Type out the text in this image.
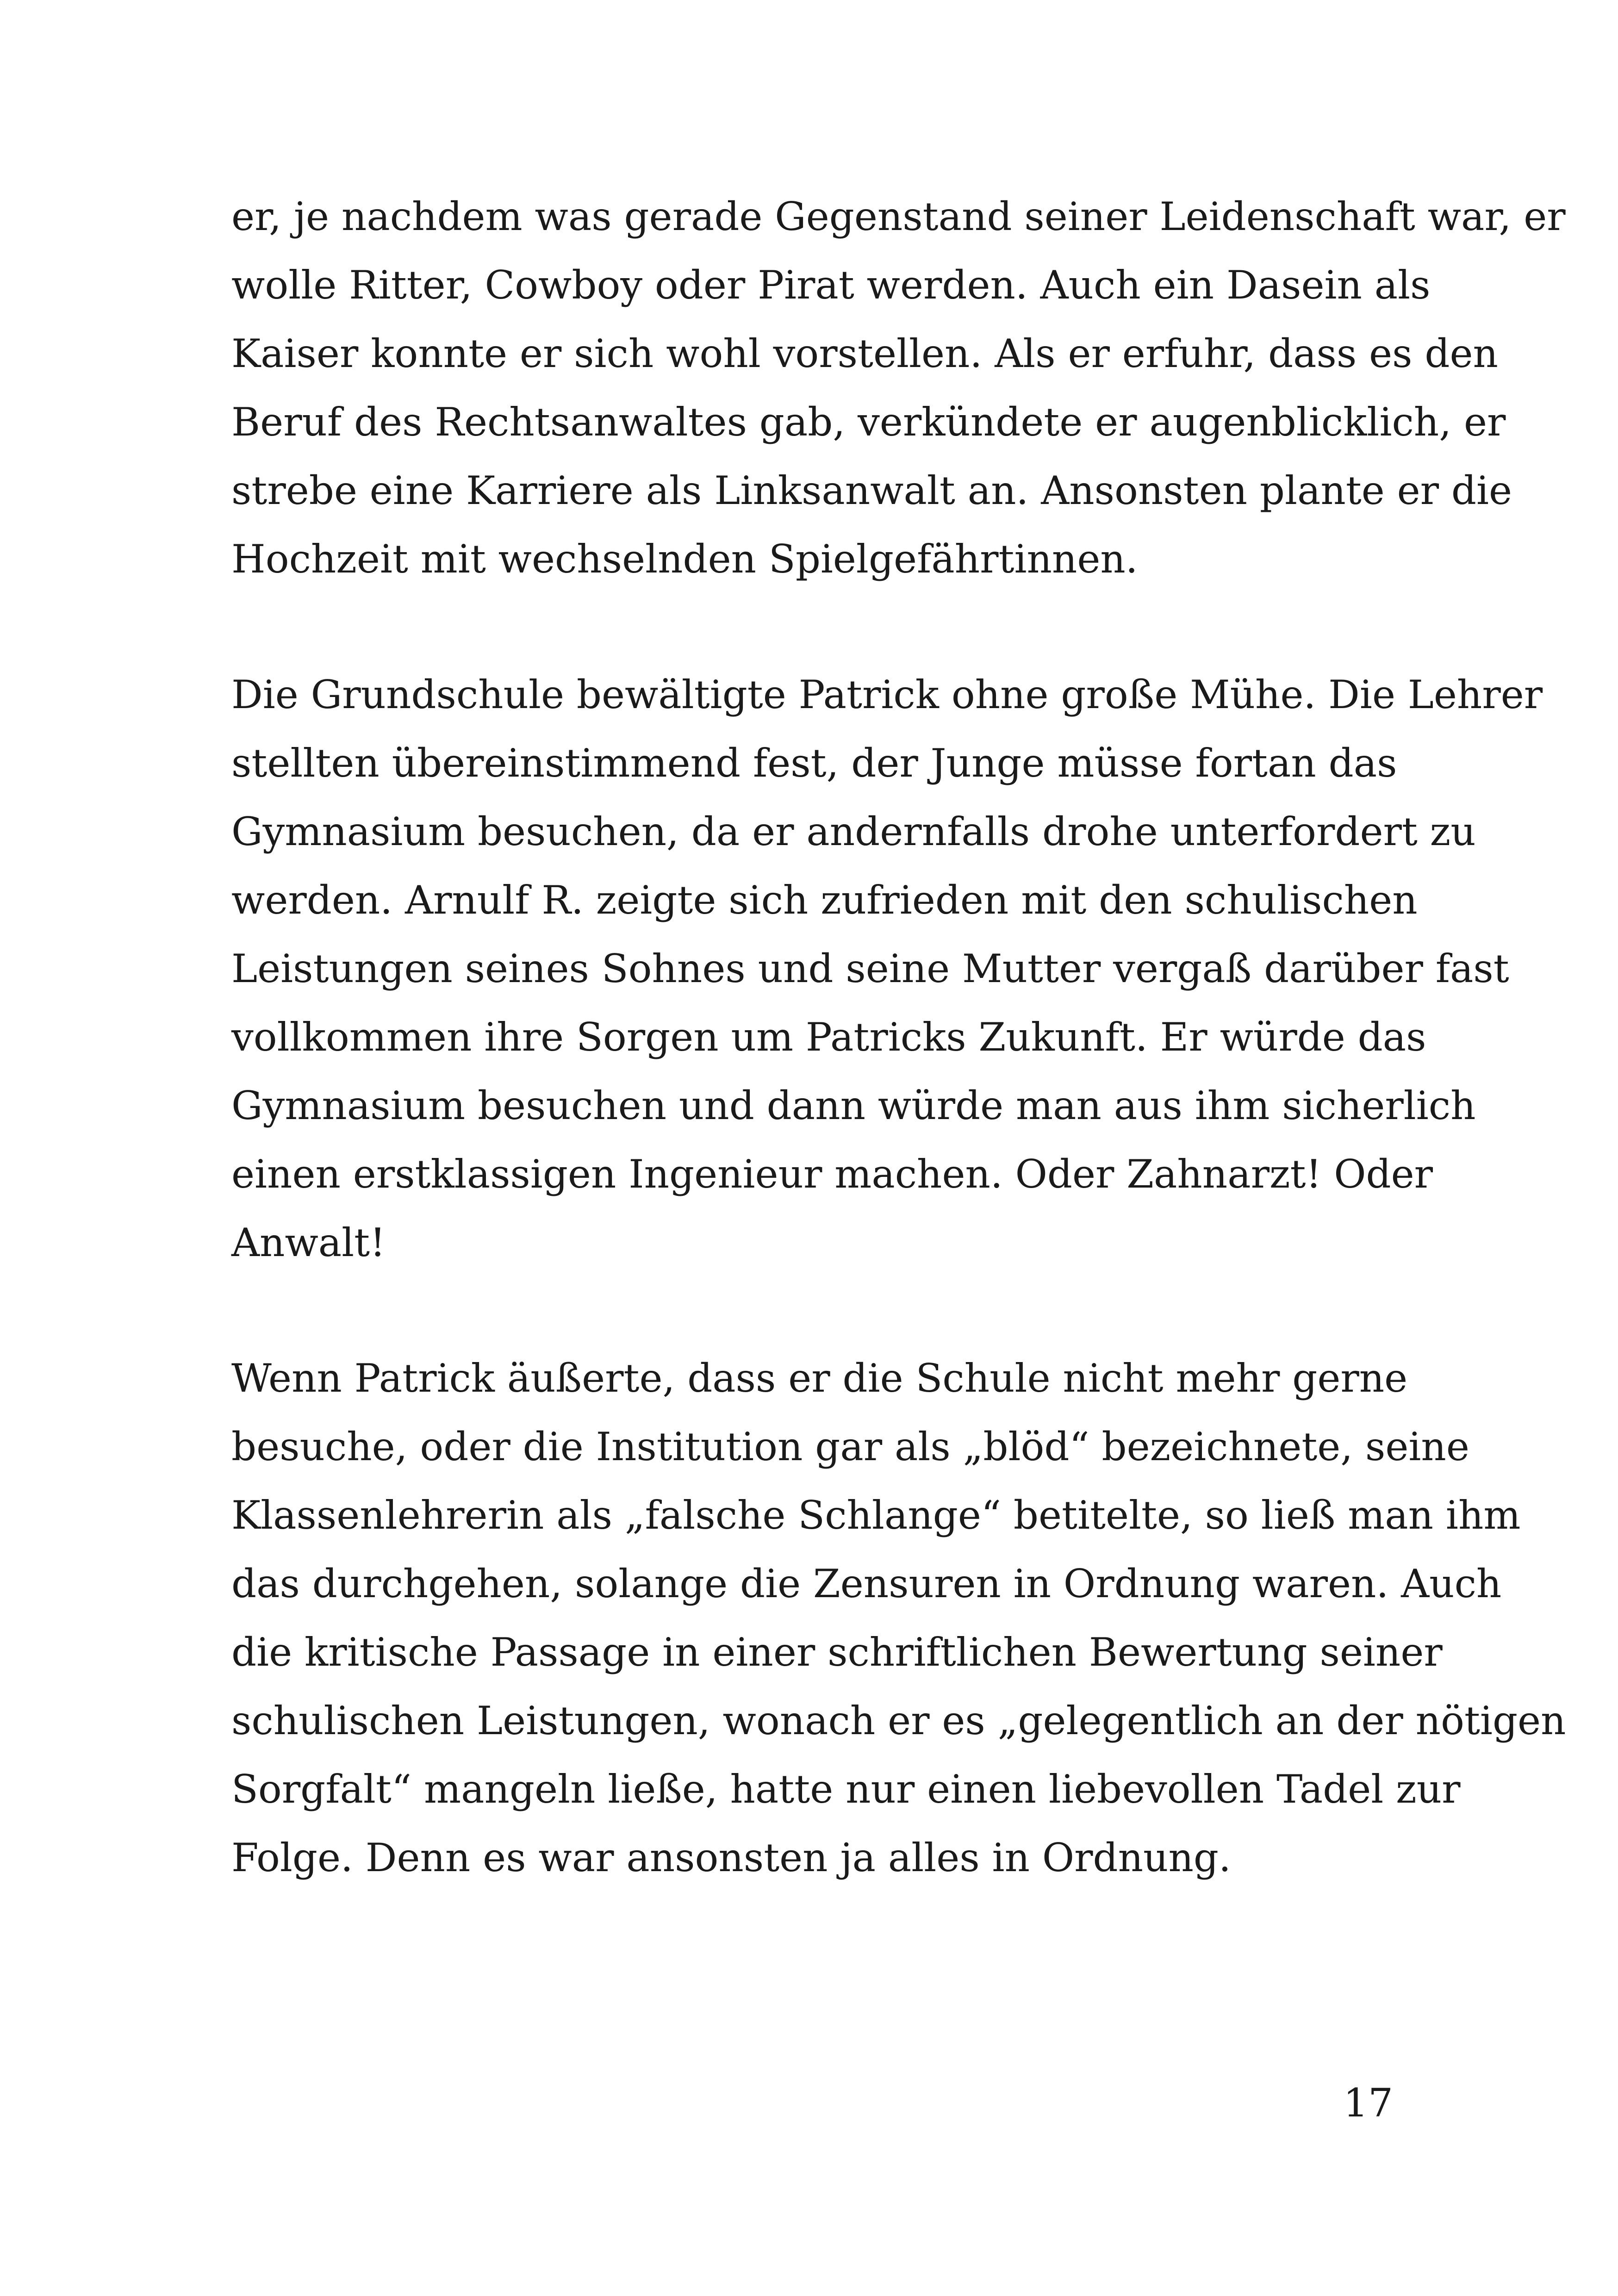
er, je nachdem was gerade Gegenstand seiner Leidenschaft war, er
wolle Ritter, Cowboy oder Pirat werden. Auch ein Dasein als
Kaiser konnte er sich wohl vorstellen. Als er erfuhr, dass es den
Beruf des Rechtsanwaltes gab, verkündete er augenblicklich, er
strebe eine Karriere als Linksanwalt an. Ansonsten plante er die
Hochzeit mit wechselnden Spielgefährtinnen.

Die Grundschule bewältigte Patrick ohne große Mühe. Die Lehrer
stellten übereinstimmend fest, der Junge müsse fortan das
Gymnasium besuchen, da er andernfalls drohe unterfordert zu
werden. Arnulf R. zeigte sich zufrieden mit den schulischen
Leistungen seines Sohnes und seine Mutter vergaß darüber fast
vollkommen ihre Sorgen um Patricks Zukunft. Er würde das
Gymnasium besuchen und dann würde man aus ihm sicherlich
einen erstklassigen Ingenieur machen. Oder Zahnarzt! Oder
Anwalt!

Wenn Patrick äußerte, dass er die Schule nicht mehr gerne
besuche, oder die Institution gar als „blöd“ bezeichnete, seine
Klassenlehrerin als „falsche Schlange“ betitelte, so ließ man ihm
das durchgehen, solange die Zensuren in Ordnung waren. Auch
die kritische Passage in einer schriftlichen Bewertung seiner
schulischen Leistungen, wonach er es „gelegentlich an der nötigen
Sorgfalt“ mangeln ließe, hatte nur einen liebevollen Tadel zur
Folge. Denn es war ansonsten ja alles in Ordnung.

17
